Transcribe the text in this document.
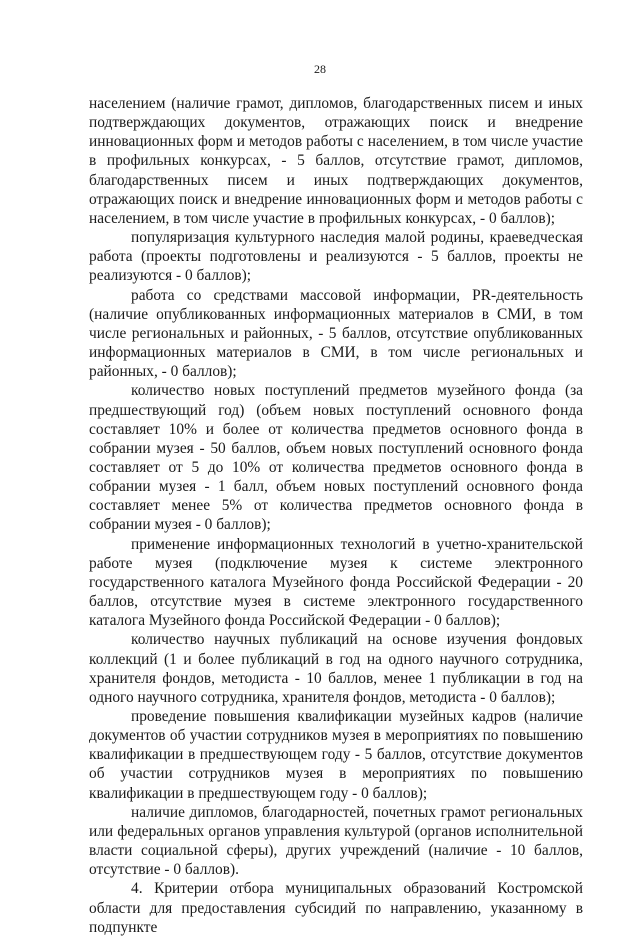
28

населением (наличие грамот, дипломов, благодарственных писем и иных подтверждающих документов, отражающих поиск и внедрение инновационных форм и методов работы с населением, в том числе участие в профильных конкурсах, - 5 баллов, отсутствие грамот, дипломов, благодарственных писем и иных подтверждающих документов, отражающих поиск и внедрение инновационных форм и методов работы с населением, в том числе участие в профильных конкурсах, - 0 баллов);

популяризация культурного наследия малой родины, краеведческая работа (проекты подготовлены и реализуются - 5 баллов, проекты не реализуются - 0 баллов);

работа со средствами массовой информации, PR-деятельность (наличие опубликованных информационных материалов в СМИ, в том числе региональных и районных, - 5 баллов, отсутствие опубликованных информационных материалов в СМИ, в том числе региональных и районных, - 0 баллов);

количество новых поступлений предметов музейного фонда (за предшествующий год) (объем новых поступлений основного фонда составляет 10% и более от количества предметов основного фонда в собрании музея - 50 баллов, объем новых поступлений основного фонда составляет от 5 до 10% от количества предметов основного фонда в собрании музея - 1 балл, объем новых поступлений основного фонда составляет менее 5% от количества предметов основного фонда в собрании музея - 0 баллов);

применение информационных технологий в учетно-хранительской работе музея (подключение музея к системе электронного государственного каталога Музейного фонда Российской Федерации - 20 баллов, отсутствие музея в системе электронного государственного каталога Музейного фонда Российской Федерации - 0 баллов);

количество научных публикаций на основе изучения фондовых коллекций (1 и более публикаций в год на одного научного сотрудника, хранителя фондов, методиста - 10 баллов, менее 1 публикации в год на одного научного сотрудника, хранителя фондов, методиста - 0 баллов);

проведение повышения квалификации музейных кадров (наличие документов об участии сотрудников музея в мероприятиях по повышению квалификации в предшествующем году - 5 баллов, отсутствие документов об участии сотрудников музея в мероприятиях по повышению квалификации в предшествующем году - 0 баллов);

наличие дипломов, благодарностей, почетных грамот региональных или федеральных органов управления культурой (органов исполнительной власти социальной сферы), других учреждений (наличие - 10 баллов, отсутствие - 0 баллов).

4. Критерии отбора муниципальных образований Костромской области для предоставления субсидий по направлению, указанному в подпункте
